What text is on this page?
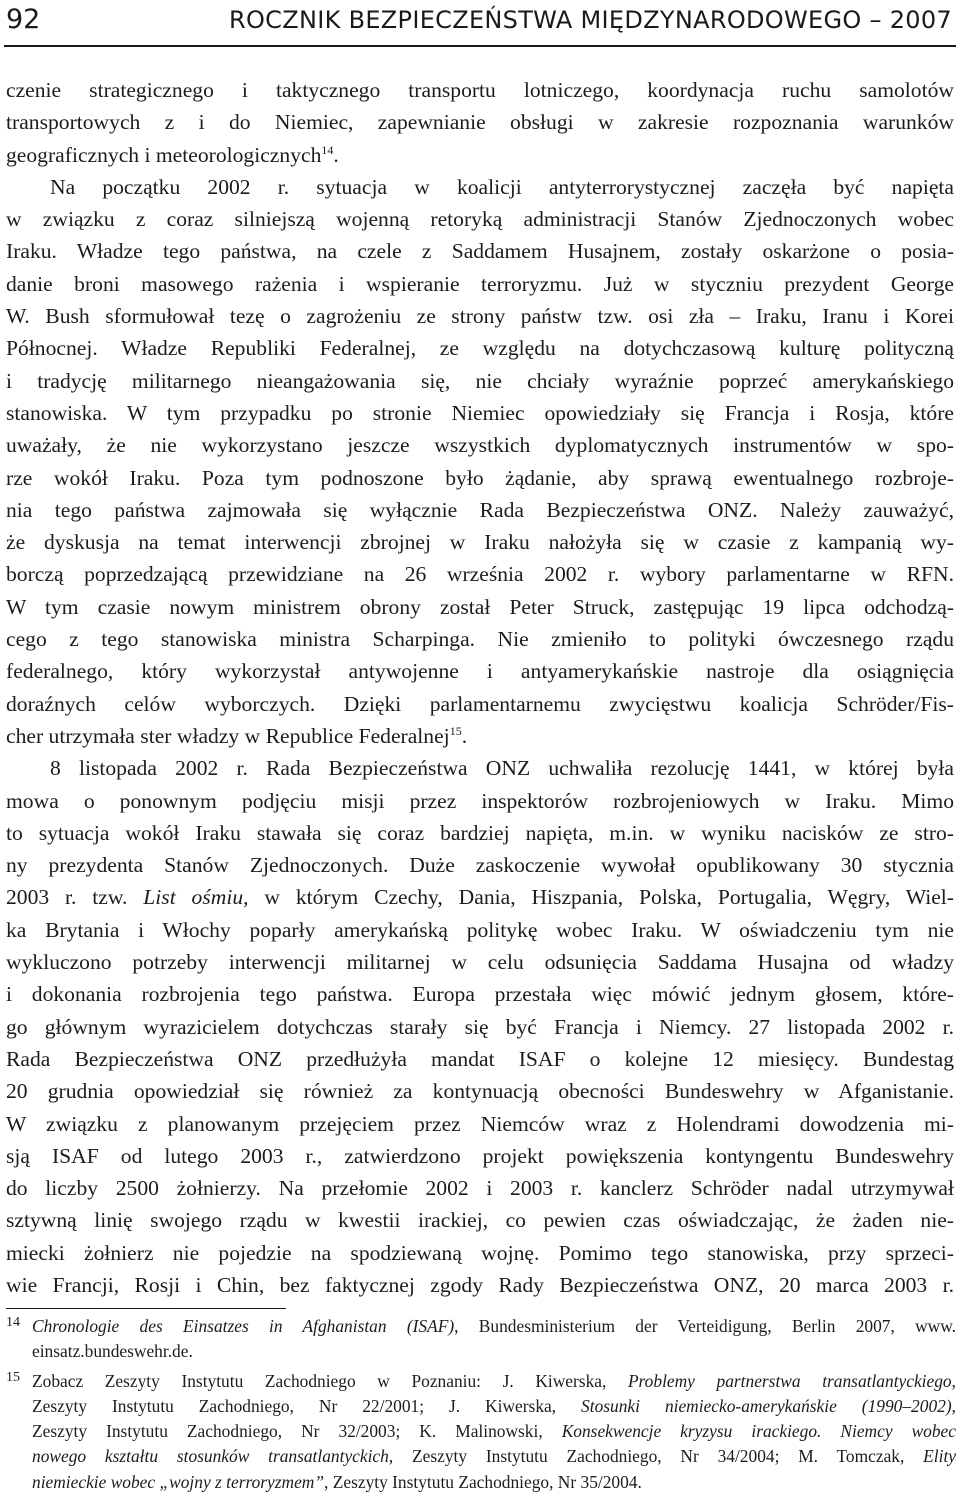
92	ROCZNIK BEZPIECZEŃSTWA MIĘDZYNARODOWEGO – 2007
czenie strategicznego i taktycznego transportu lotniczego, koordynacja ruchu samolotów
transportowych z i do Niemiec, zapewnianie obsługi w zakresie rozpoznania warunków
geograficznych i meteorologicznych$^{14}$.
Na początku 2002 r. sytuacja w koalicji antyterrorystycznej zaczęła być napięta
w związku z coraz silniejszą wojenną retoryką administracji Stanów Zjednoczonych wobec
Iraku. Władze tego państwa, na czele z Saddamem Husajnem, zostały oskarżone o posia-
danie broni masowego rażenia i wspieranie terroryzmu. Już w styczniu prezydent George
W. Bush sformułował tezę o zagrożeniu ze strony państw tzw. osi zła – Iraku, Iranu i Korei
Północnej. Władze Republiki Federalnej, ze względu na dotychczasową kulturę polityczną
i tradycję militarnego nieangażowania się, nie chciały wyraźnie poprzeć amerykańskiego
stanowiska. W tym przypadku po stronie Niemiec opowiedziały się Francja i Rosja, które
uważały, że nie wykorzystano jeszcze wszystkich dyplomatycznych instrumentów w spo-
rze wokół Iraku. Poza tym podnoszone było żądanie, aby sprawą ewentualnego rozbroje-
nia tego państwa zajmowała się wyłącznie Rada Bezpieczeństwa ONZ. Należy zauważyć,
że dyskusja na temat interwencji zbrojnej w Iraku nałożyła się w czasie z kampanią wy-
borczą poprzedzającą przewidziane na 26 września 2002 r. wybory parlamentarne w RFN.
W tym czasie nowym ministrem obrony został Peter Struck, zastępując 19 lipca odchodzą-
cego z tego stanowiska ministra Scharpinga. Nie zmieniło to polityki ówczesnego rządu
federalnego, który wykorzystał antywojenne i antyamerykańskie nastroje dla osiągnięcia
doraźnych celów wyborczych. Dzięki parlamentarnemu zwycięstwu koalicja Schröder/Fis-
cher utrzymała ster władzy w Republice Federalnej$^{15}$.
8 listopada 2002 r. Rada Bezpieczeństwa ONZ uchwaliła rezolucję 1441, w której była
mowa o ponownym podjęciu misji przez inspektorów rozbrojeniowych w Iraku. Mimo
to sytuacja wokół Iraku stawała się coraz bardziej napięta, m.in. w wyniku nacisków ze stro-
ny prezydenta Stanów Zjednoczonych. Duże zaskoczenie wywołał opublikowany 30 stycznia
2003 r. tzw. List ośmiu, w którym Czechy, Dania, Hiszpania, Polska, Portugalia, Węgry, Wiel-
ka Brytania i Włochy poparły amerykańską politykę wobec Iraku. W oświadczeniu tym nie
wykluczono potrzeby interwencji militarnej w celu odsunięcia Saddama Husajna od władzy
i dokonania rozbrojenia tego państwa. Europa przestała więc mówić jednym głosem, które-
go głównym wyrazicielem dotychczas starały się być Francja i Niemcy. 27 listopada 2002 r.
Rada Bezpieczeństwa ONZ przedłużyła mandat ISAF o kolejne 12 miesięcy. Bundestag
20 grudnia opowiedział się również za kontynuacją obecności Bundeswehry w Afganistanie.
W związku z planowanym przejęciem przez Niemców wraz z Holendrami dowodzenia mi-
sją ISAF od lutego 2003 r., zatwierdzono projekt powiększenia kontyngentu Bundeswehry
do liczby 2500 żołnierzy. Na przełomie 2002 i 2003 r. kanclerz Schröder nadal utrzymywał
sztywną linię swojego rządu w kwestii irackiej, co pewien czas oświadczając, że żaden nie-
miecki żołnierz nie pojedzie na spodziewaną wojnę. Pomimo tego stanowiska, przy sprzeci-
wie Francji, Rosji i Chin, bez faktycznej zgody Rady Bezpieczeństwa ONZ, 20 marca 2003 r.
14 Chronologie des Einsatzes in Afghanistan (ISAF), Bundesministerium der Verteidigung, Berlin 2007, www.
einsatz.bundeswehr.de.
15 Zobacz Zeszyty Instytutu Zachodniego w Poznaniu: J. Kiwerska, Problemy partnerstwa transatlantyckiego,
Zeszyty Instytutu Zachodniego, Nr 22/2001; J. Kiwerska, Stosunki niemiecko-amerykańskie (1990–2002),
Zeszyty Instytutu Zachodniego, Nr 32/2003; K. Malinowski, Konsekwencje kryzysu irackiego. Niemcy wobec
nowego kształtu stosunków transatlantyckich, Zeszyty Instytutu Zachodniego, Nr 34/2004; M. Tomczak, Elity
niemieckie wobec „wojny z terroryzmem”, Zeszyty Instytutu Zachodniego, Nr 35/2004.
